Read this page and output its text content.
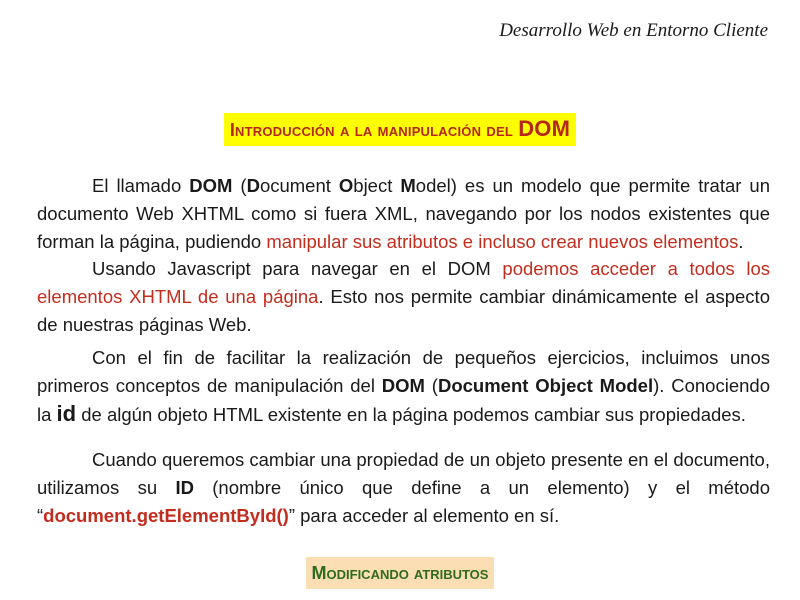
Desarrollo Web en Entorno Cliente
Introducción a la manipulación del DOM

El llamado DOM (Document Object Model) es un modelo que permite tratar un documento Web XHTML como si fuera XML, navegando por los nodos existentes que forman la página, pudiendo manipular sus atributos e incluso crear nuevos elementos.

Usando Javascript para navegar en el DOM podemos acceder a todos los elementos XHTML de una página. Esto nos permite cambiar dinámicamente el aspecto de nuestras páginas Web.

Con el fin de facilitar la realización de pequeños ejercicios, incluimos unos primeros conceptos de manipulación del DOM (Document Object Model). Conociendo la id de algún objeto HTML existente en la página podemos cambiar sus propiedades.

Cuando queremos cambiar una propiedad de un objeto presente en el documento, utilizamos su ID (nombre único que define a un elemento) y el método “document.getElementById()” para acceder al elemento en sí.

Modificando atributos
